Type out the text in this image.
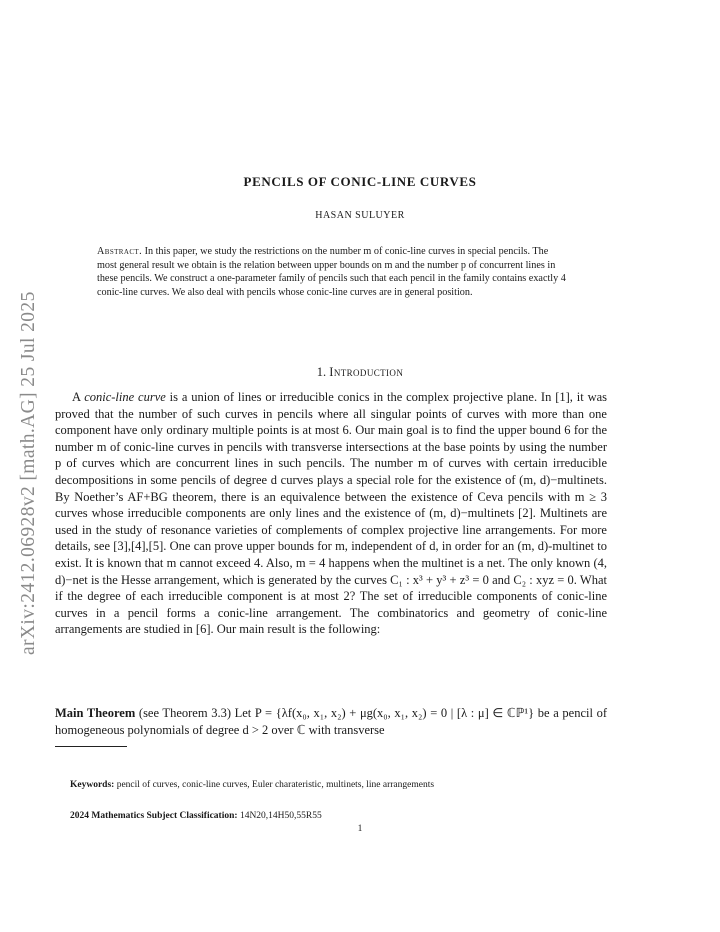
arXiv:2412.06928v2 [math.AG] 25 Jul 2025
PENCILS OF CONIC-LINE CURVES
HASAN SULUYER
Abstract. In this paper, we study the restrictions on the number m of conic-line curves in special pencils. The most general result we obtain is the relation between upper bounds on m and the number p of concurrent lines in these pencils. We construct a one-parameter family of pencils such that each pencil in the family contains exactly 4 conic-line curves. We also deal with pencils whose conic-line curves are in general position.
1. Introduction

A conic-line curve is a union of lines or irreducible conics in the complex projective plane. In [1], it was proved that the number of such curves in pencils where all singular points of curves with more than one component have only ordinary multiple points is at most 6. Our main goal is to find the upper bound 6 for the number m of conic-line curves in pencils with transverse intersections at the base points by using the number p of curves which are concurrent lines in such pencils. The number m of curves with certain irreducible decompositions in some pencils of degree d curves plays a special role for the existence of (m, d)−multinets. By Noether’s AF+BG theorem, there is an equivalence between the existence of Ceva pencils with m ≥ 3 curves whose irreducible components are only lines and the existence of (m, d)−multinets [2]. Multinets are used in the study of resonance varieties of complements of complex projective line arrangements. For more details, see [3],[4],[5]. One can prove upper bounds for m, independent of d, in order for an (m, d)-multinet to exist. It is known that m cannot exceed 4. Also, m = 4 happens when the multinet is a net. The only known (4, d)−net is the Hesse arrangement, which is generated by the curves C₁ : x³ + y³ + z³ = 0 and C₂ : xyz = 0. What if the degree of each irreducible component is at most 2? The set of irreducible components of conic-line curves in a pencil forms a conic-line arrangement. The combinatorics and geometry of conic-line arrangements are studied in [6]. Our main result is the following:

Main Theorem (see Theorem 3.3) Let P = {λf(x₀, x₁, x₂) + μg(x₀, x₁, x₂) = 0 | [λ : μ] ∈ ℂℙ¹} be a pencil of homogeneous polynomials of degree d > 2 over ℂ with transverse
Keywords: pencil of curves, conic-line curves, Euler charateristic, multinets, line arrangements
2024 Mathematics Subject Classification: 14N20,14H50,55R55
1
